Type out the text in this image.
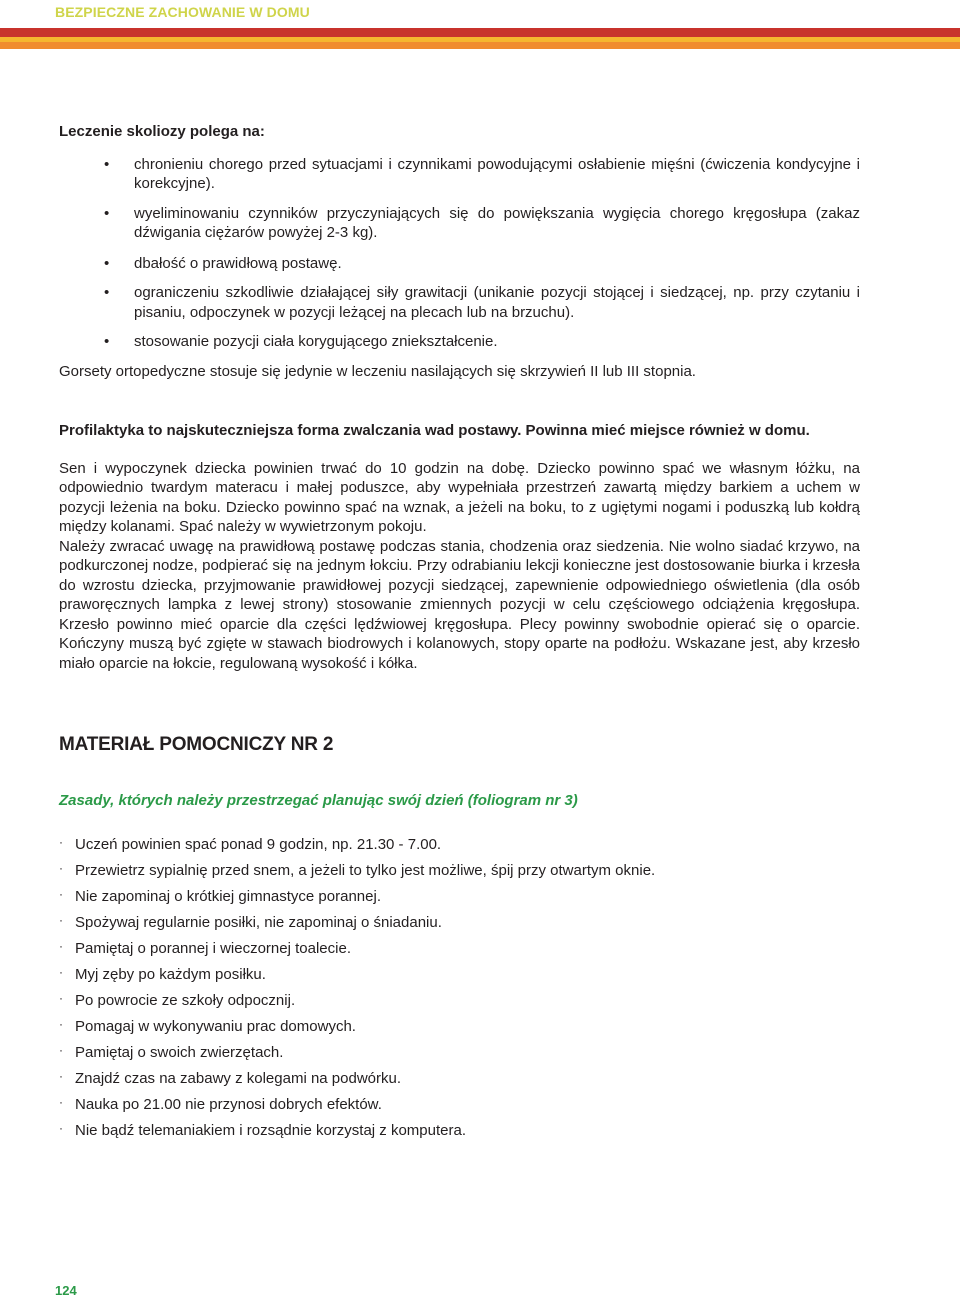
BEZPIECZNE ZACHOWANIE W DOMU
Leczenie skoliozy polega na:
• chronieniu chorego przed sytuacjami i czynnikami powodującymi osłabienie mięśni (ćwiczenia kondycyjne i korekcyjne).
• wyeliminowaniu czynników przyczyniających się do powiększania wygięcia chorego kręgosłupa (zakaz dźwigania ciężarów powyżej 2-3 kg).
• dbałość o prawidłową postawę.
• ograniczeniu szkodliwie działającej siły grawitacji (unikanie pozycji stojącej i siedzącej, np. przy czytaniu i pisaniu, odpoczynek w pozycji leżącej na plecach lub na brzuchu).
• stosowanie pozycji ciała korygującego zniekształcenie.

Gorsety ortopedyczne stosuje się jedynie w leczeniu nasilających się skrzywień II lub III stopnia.

Profilaktyka to najskuteczniejsza forma zwalczania wad postawy. Powinna mieć miejsce również w domu.

Sen i wypoczynek dziecka powinien trwać do 10 godzin na dobę. Dziecko powinno spać we własnym łóżku, na odpowiednio twardym materacu i małej poduszce, aby wypełniała przestrzeń zawartą między barkiem a uchem w pozycji leżenia na boku. Dziecko powinno spać na wznak, a jeżeli na boku, to z ugiętymi nogami i poduszką lub kołdrą między kolanami. Spać należy w wywietrzonym pokoju.

Należy zwracać uwagę na prawidłową postawę podczas stania, chodzenia oraz siedzenia. Nie wolno siadać krzywo, na podkurczonej nodze, podpierać się na jednym łokciu. Przy odrabianiu lekcji konieczne jest dostosowanie biurka i krzesła do wzrostu dziecka, przyjmowanie prawidłowej pozycji siedzącej, zapewnienie odpowiedniego oświetlenia (dla osób praworęcznych lampka z lewej strony) stosowanie zmiennych pozycji w celu częściowego odciążenia kręgosłupa. Krzesło powinno mieć oparcie dla części lędźwiowej kręgosłupa. Plecy powinny swobodnie opierać się o oparcie. Kończyny muszą być zgięte w stawach biodrowych i kolanowych, stopy oparte na podłożu. Wskazane jest, aby krzesło miało oparcie na łokcie, regulowaną wysokość i kółka.

MATERIAŁ POMOCNICZY NR 2
Zasady, których należy przestrzegać planując swój dzień (foliogram nr 3)
· Uczeń powinien spać ponad 9 godzin, np. 21.30 - 7.00.
· Przewietrz sypialnię przed snem, a jeżeli to tylko jest możliwe, śpij przy otwartym oknie.
· Nie zapominaj o krótkiej gimnastyce porannej.
· Spożywaj regularnie posiłki, nie zapominaj o śniadaniu.
· Pamiętaj o porannej i wieczornej toalecie.
· Myj zęby po każdym posiłku.
· Po powrocie ze szkoły odpocznij.
· Pomagaj w wykonywaniu prac domowych.
· Pamiętaj o swoich zwierzętach.
· Znajdź czas na zabawy z kolegami na podwórku.
· Nauka po 21.00 nie przynosi dobrych efektów.
· Nie bądź telemaniakiem i rozsądnie korzystaj z komputera.
124
